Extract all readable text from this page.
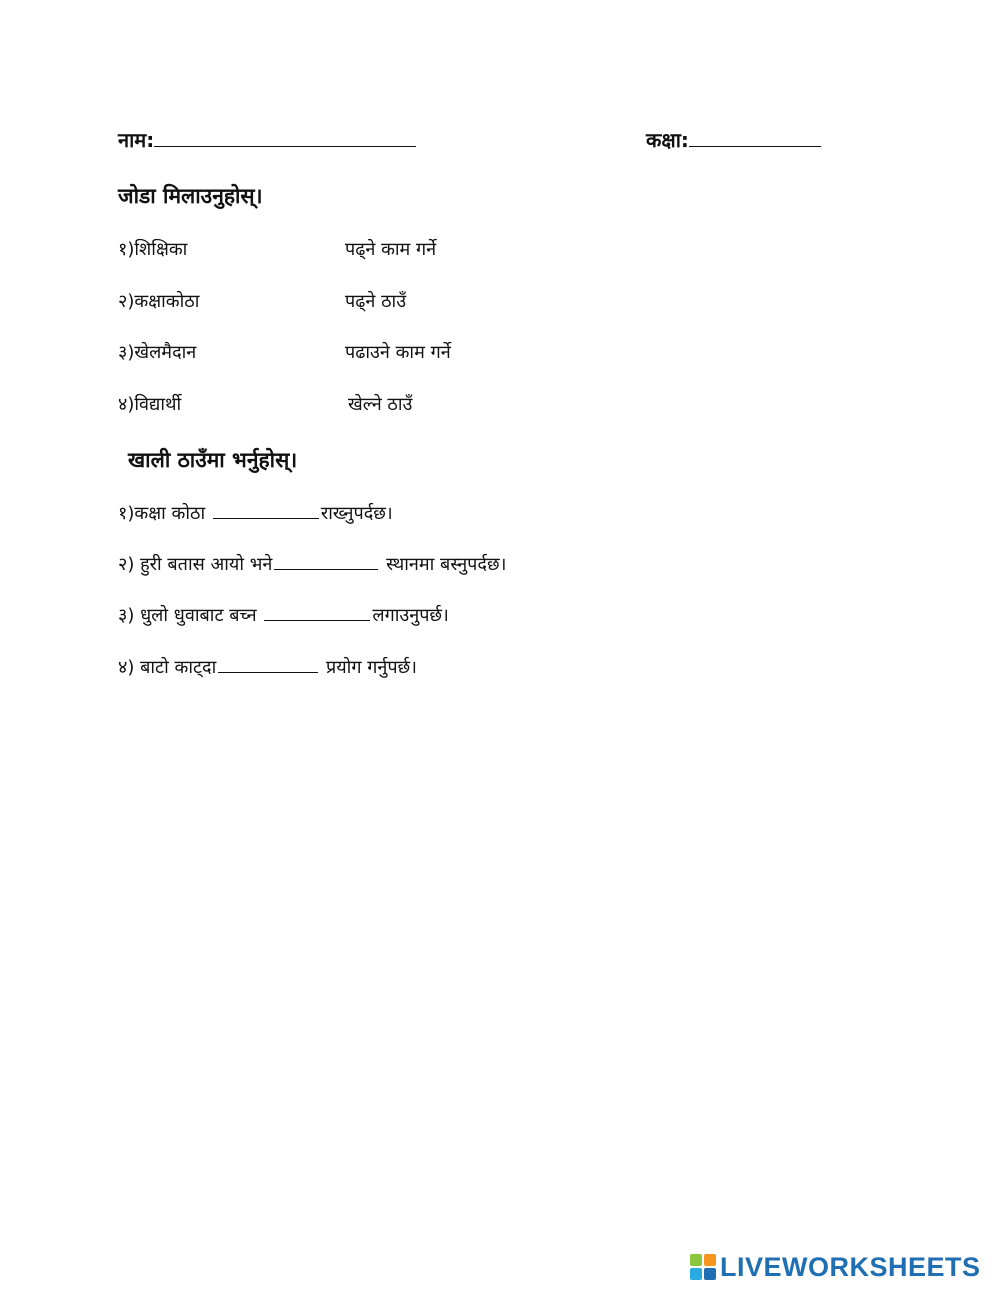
नाम:	कक्षा:
जोडा मिलाउनुहोस्।
१)शिक्षिका	पढ्ने काम गर्ने
२)कक्षाकोठा	पढ्ने ठाउँ
३)खेलमैदान	पढाउने काम गर्ने
४)विद्यार्थी	खेल्ने ठाउँ
खाली ठाउँमा भर्नुहोस्।
१)कक्षा कोठा	राख्नुपर्दछ।
२) हुरी बतास आयो भने	स्थानमा बस्नुपर्दछ।
३) धुलो धुवाबाट बच्न	लगाउनुपर्छ।
४) बाटो काट्दा	प्रयोग गर्नुपर्छ।
LIVEWORKSHEETS
